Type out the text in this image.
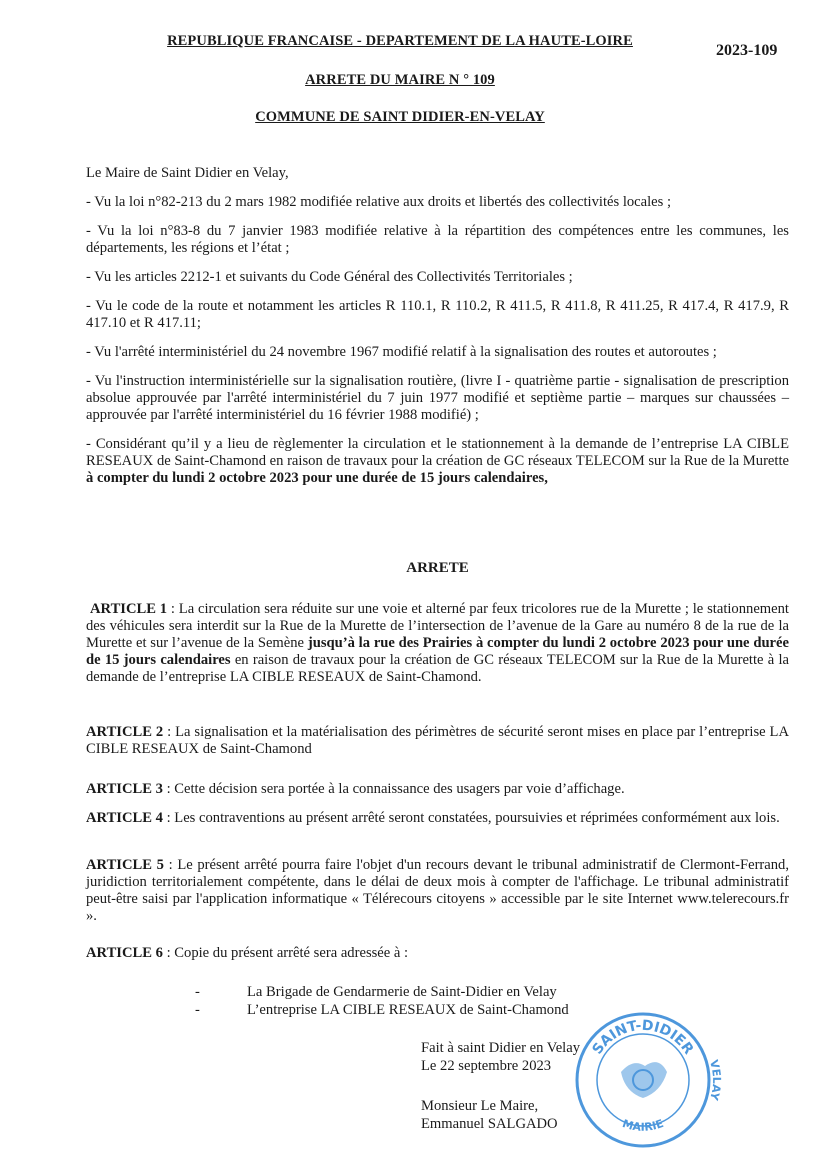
REPUBLIQUE FRANCAISE - DEPARTEMENT DE LA HAUTE-LOIRE
2023-109
ARRETE DU MAIRE N ° 109
COMMUNE DE SAINT DIDIER-EN-VELAY

Le Maire de Saint Didier en Velay,

- Vu la loi n°82-213 du 2 mars 1982 modifiée relative aux droits et libertés des collectivités locales ;

- Vu la loi n°83-8 du 7 janvier 1983 modifiée relative à la répartition des compétences entre les communes, les départements, les régions et l’état ;

- Vu les articles 2212-1 et suivants du Code Général des Collectivités Territoriales ;

- Vu le code de la route et notamment les articles R 110.1, R 110.2, R 411.5, R 411.8, R 411.25, R 417.4, R 417.9, R 417.10 et R 417.11;

- Vu l'arrêté interministériel du 24 novembre 1967 modifié relatif à la signalisation des routes et autoroutes ;

- Vu l'instruction interministérielle sur la signalisation routière, (livre I - quatrième partie - signalisation de prescription absolue approuvée par l'arrêté interministériel du 7 juin 1977 modifié et septième partie – marques sur chaussées – approuvée par l'arrêté interministériel du 16 février 1988 modifié) ;

- Considérant qu’il y a lieu de règlementer la circulation et le stationnement à la demande de l’entreprise LA CIBLE RESEAUX de Saint-Chamond en raison de travaux pour la création de GC réseaux TELECOM sur la Rue de la Murette à compter du lundi 2 octobre 2023 pour une durée de 15 jours calendaires,

ARRETE
ARTICLE 1 : La circulation sera réduite sur une voie et alterné par feux tricolores rue de la Murette ; le stationnement des véhicules sera interdit sur la Rue de la Murette de l’intersection de l’avenue de la Gare au numéro 8 de la rue de la Murette et sur l’avenue de la Semène jusqu’à la rue des Prairies à compter du lundi 2 octobre 2023 pour une durée de 15 jours calendaires en raison de travaux pour la création de GC réseaux TELECOM sur la Rue de la Murette à la demande de l’entreprise LA CIBLE RESEAUX de Saint-Chamond.
ARTICLE 2 : La signalisation et la matérialisation des périmètres de sécurité seront mises en place par l’entreprise LA CIBLE RESEAUX de Saint-Chamond
ARTICLE 3 : Cette décision sera portée à la connaissance des usagers par voie d’affichage.
ARTICLE 4 : Les contraventions au présent arrêté seront constatées, poursuivies et réprimées conformément aux lois.
ARTICLE 5 : Le présent arrêté pourra faire l'objet d'un recours devant le tribunal administratif de Clermont-Ferrand, juridiction territorialement compétente, dans le délai de deux mois à compter de l'affichage. Le tribunal administratif peut-être saisi par l'application informatique « Télérecours citoyens » accessible par le site Internet www.telerecours.fr ».
ARTICLE 6 : Copie du présent arrêté sera adressée à :
-	La Brigade de Gendarmerie de Saint-Didier en Velay
-	L’entreprise LA CIBLE RESEAUX de Saint-Chamond
SAINT-DIDIER
VELAY
MAIRIE
Fait à saint Didier en Velay
Le 22 septembre 2023
Monsieur Le Maire,
Emmanuel SALGADO
